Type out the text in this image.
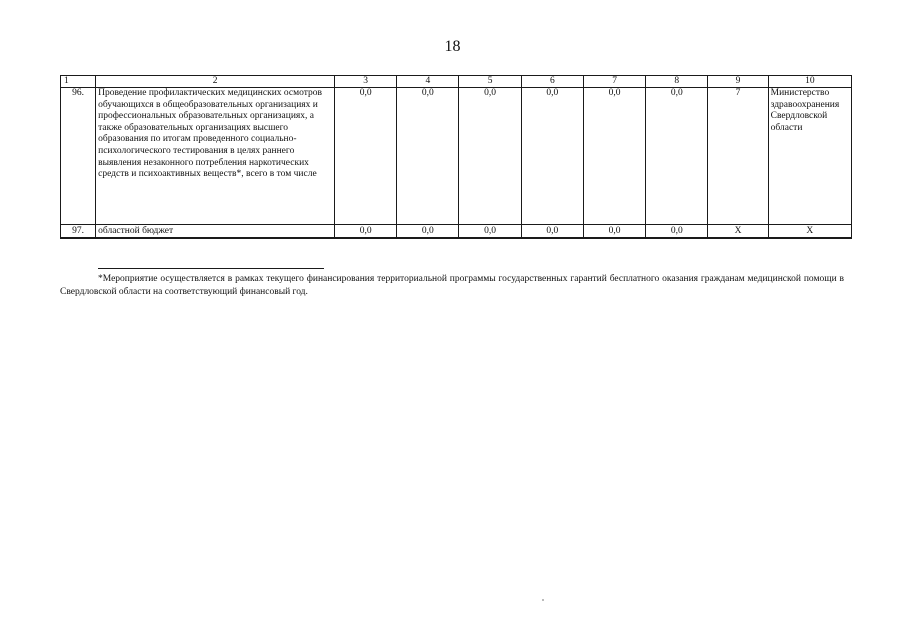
18
1	2	3	4	5	6	7	8	9	10
96.	Проведение профилактических медицинских осмотров обучающихся в общеобразовательных организациях и профессиональных образовательных организациях, а также образовательных организациях высшего образования по итогам проведенного социально-психологического тестирования в целях раннего выявления незаконного потребления наркотических средств и психоактивных веществ*, всего в том числе	0,0	0,0	0,0	0,0	0,0	0,0	7	Министерство здравоохранения Свердловской области
97.	областной бюджет	0,0	0,0	0,0	0,0	0,0	0,0	Х	Х
*Мероприятие осуществляется в рамках текущего финансирования территориальной программы государственных гарантий бесплатного оказания гражданам медицинской помощи в Свердловской области на соответствующий финансовый год.
